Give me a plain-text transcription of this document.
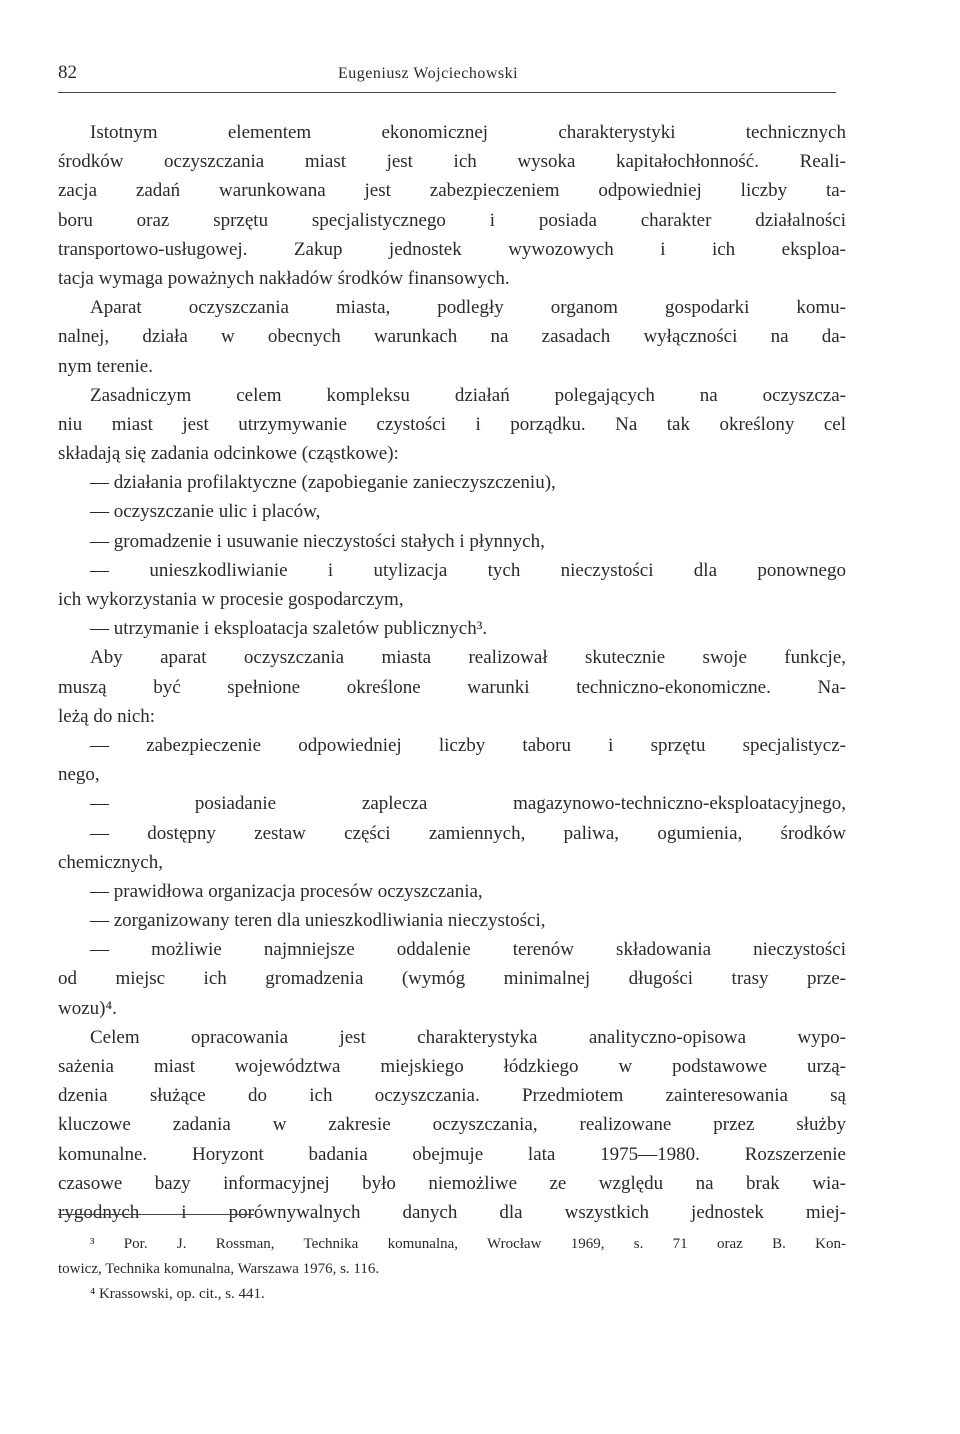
82	Eugeniusz Wojciechowski
Istotnym elementem ekonomicznej charakterystyki technicznych
środków oczyszczania miast jest ich wysoka kapitałochłonność. Reali-
zacja zadań warunkowana jest zabezpieczeniem odpowiedniej liczby ta-
boru oraz sprzętu specjalistycznego i posiada charakter działalności
transportowo-usługowej. Zakup jednostek wywozowych i ich eksploa-
tacja wymaga poważnych nakładów środków finansowych.
Aparat oczyszczania miasta, podległy organom gospodarki komu-
nalnej, działa w obecnych warunkach na zasadach wyłączności na da-
nym terenie.
Zasadniczym celem kompleksu działań polegających na oczyszcza-
niu miast jest utrzymywanie czystości i porządku. Na tak określony cel
składają się zadania odcinkowe (cząstkowe):
— działania profilaktyczne (zapobieganie zanieczyszczeniu),
— oczyszczanie ulic i placów,
— gromadzenie i usuwanie nieczystości stałych i płynnych,
— unieszkodliwianie i utylizacja tych nieczystości dla ponownego
ich wykorzystania w procesie gospodarczym,
— utrzymanie i eksploatacja szaletów publicznych³.
Aby aparat oczyszczania miasta realizował skutecznie swoje funkcje,
muszą być spełnione określone warunki techniczno-ekonomiczne. Na-
leżą do nich:
— zabezpieczenie odpowiedniej liczby taboru i sprzętu specjalistycz-
nego,
— posiadanie zaplecza magazynowo-techniczno-eksploatacyjnego,
— dostępny zestaw części zamiennych, paliwa, ogumienia, środków
chemicznych,
— prawidłowa organizacja procesów oczyszczania,
— zorganizowany teren dla unieszkodliwiania nieczystości,
— możliwie najmniejsze oddalenie terenów składowania nieczystości
od miejsc ich gromadzenia (wymóg minimalnej długości trasy prze-
wozu)⁴.
Celem opracowania jest charakterystyka analityczno-opisowa wypo-
sażenia miast województwa miejskiego łódzkiego w podstawowe urzą-
dzenia służące do ich oczyszczania. Przedmiotem zainteresowania są
kluczowe zadania w zakresie oczyszczania, realizowane przez służby
komunalne. Horyzont badania obejmuje lata 1975—1980. Rozszerzenie
czasowe bazy informacyjnej było niemożliwe ze względu na brak wia-
rygodnych i porównywalnych danych dla wszystkich jednostek miej-
³ Por. J. Rossman, Technika komunalna, Wrocław 1969, s. 71 oraz B. Kon-
towicz, Technika komunalna, Warszawa 1976, s. 116.
⁴ Krassowski, op. cit., s. 441.
